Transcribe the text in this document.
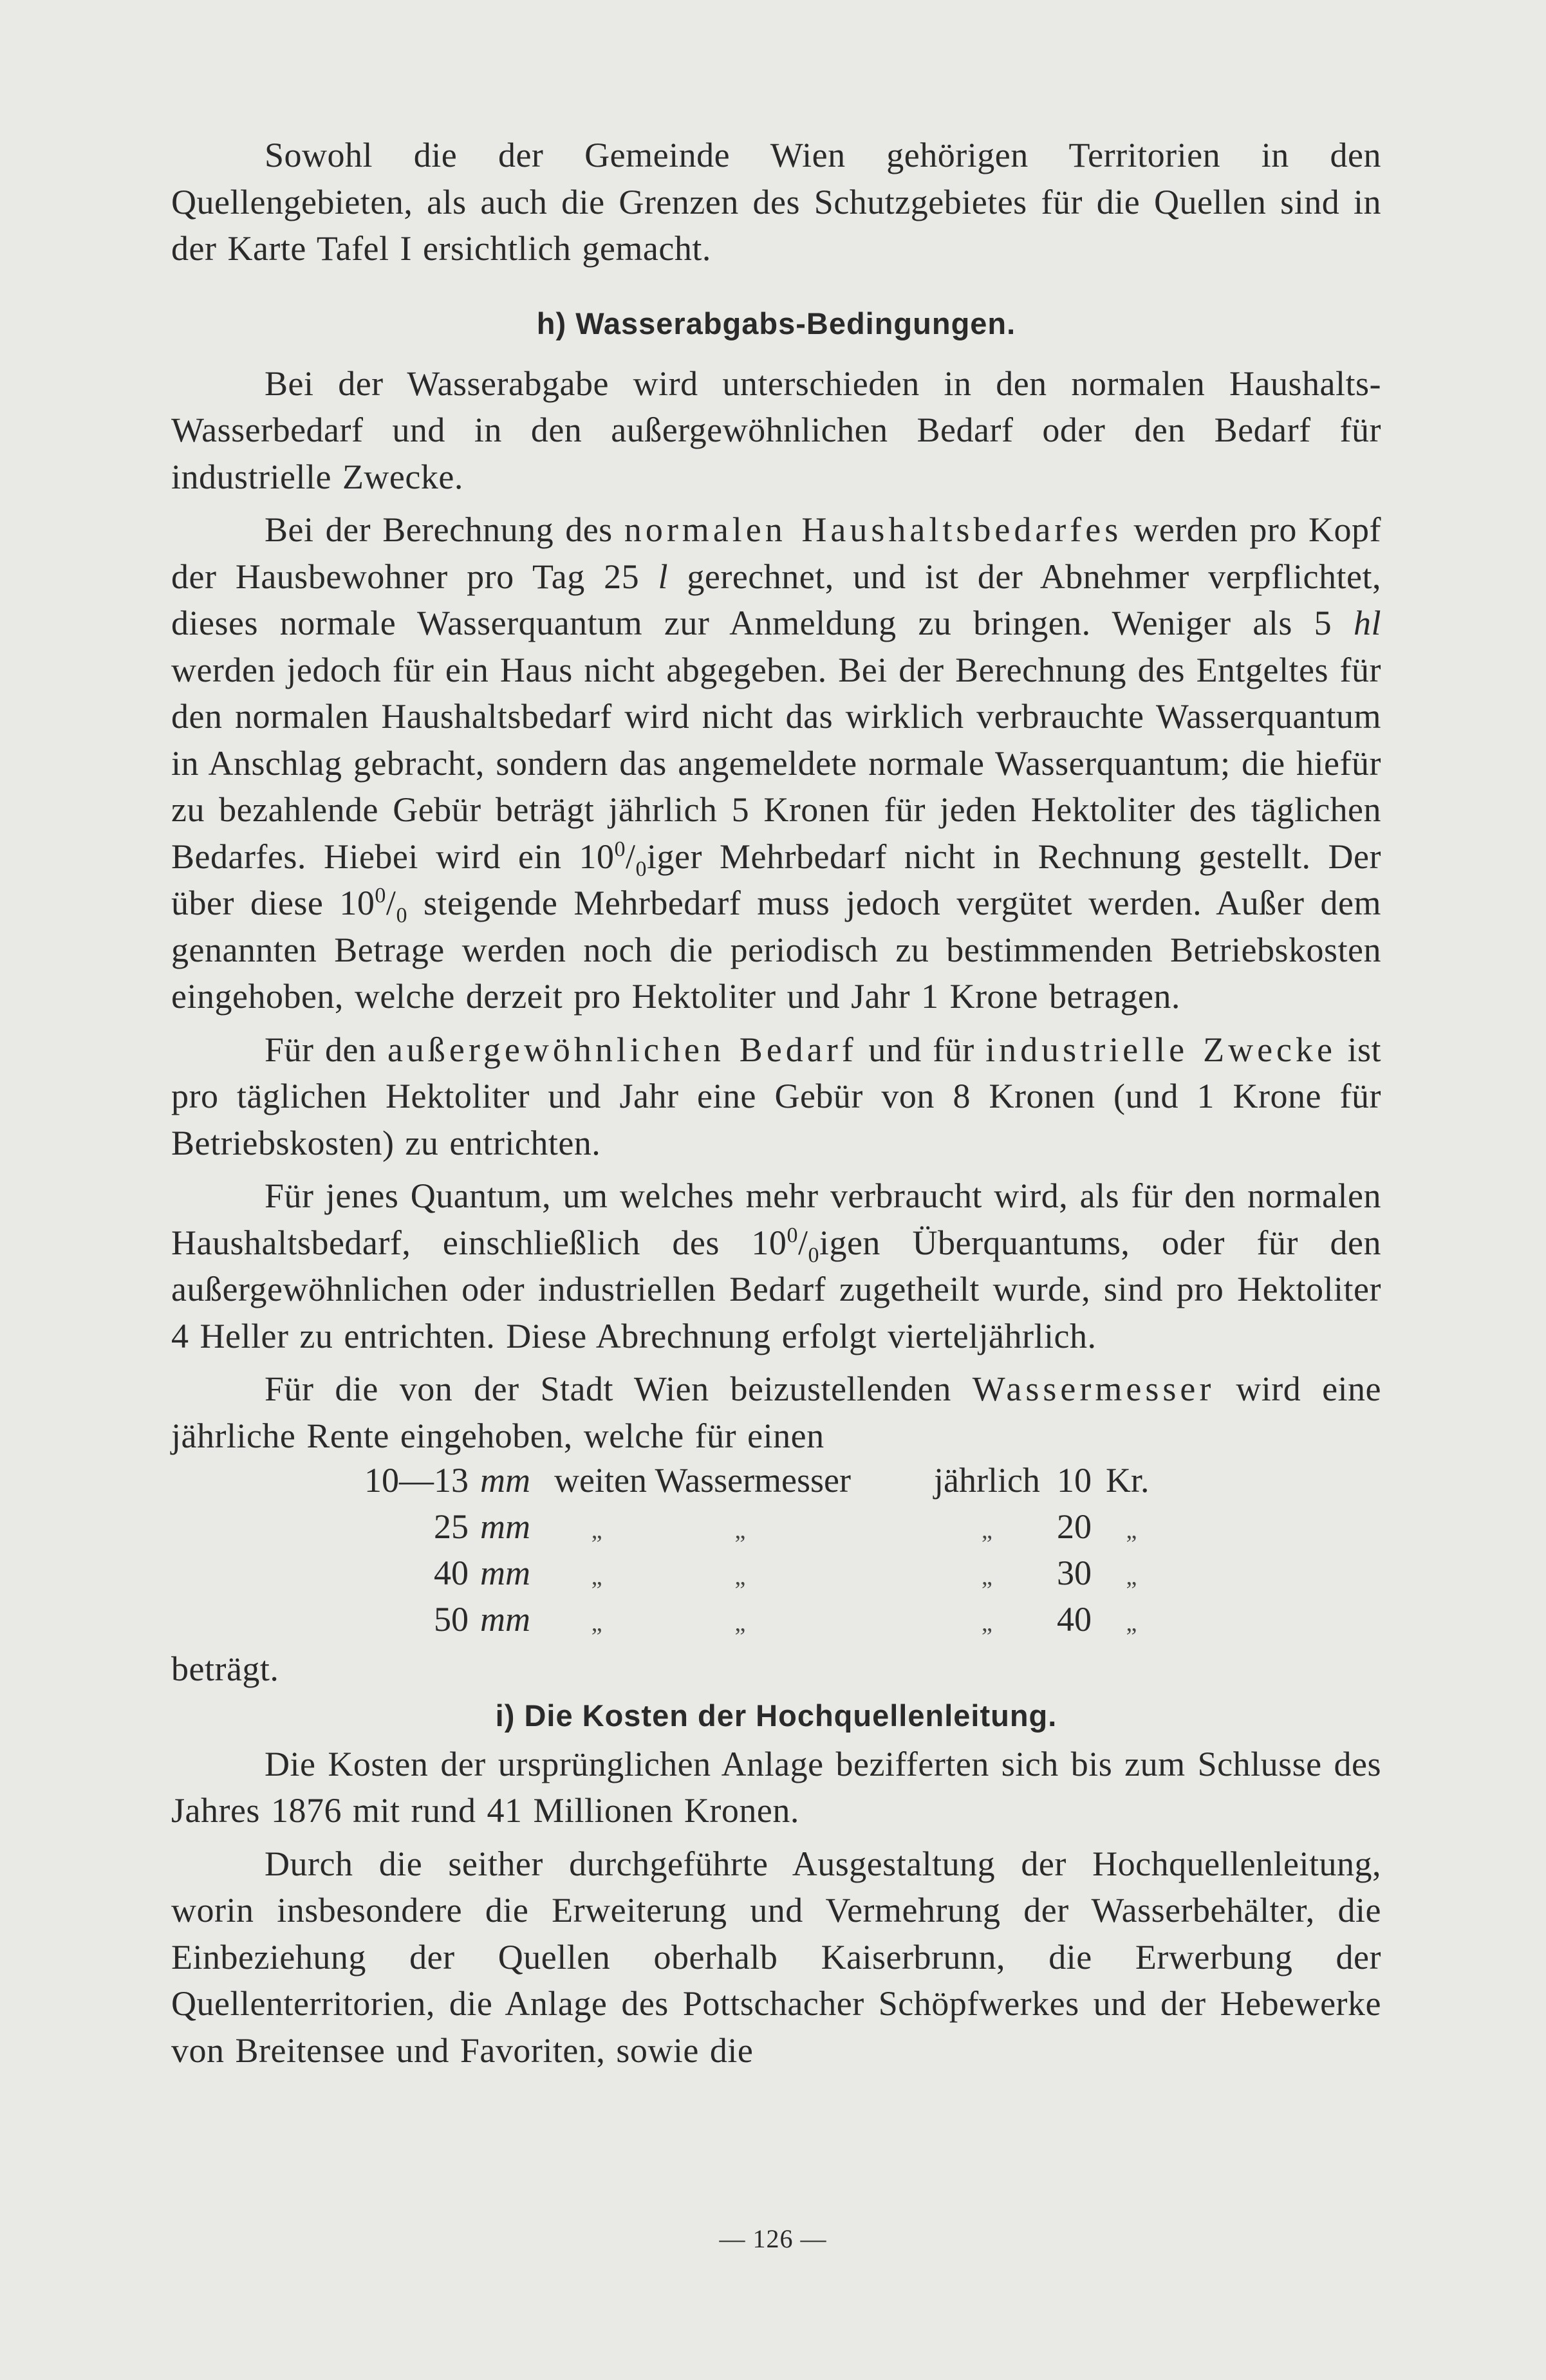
Sowohl die der Gemeinde Wien gehörigen Territorien in den Quellengebieten, als auch die Grenzen des Schutzgebietes für die Quellen sind in der Karte Tafel I ersichtlich gemacht.

h) Wasserabgabs-Bedingungen.

Bei der Wasserabgabe wird unterschieden in den normalen Haushalts-Wasserbedarf und in den außergewöhnlichen Bedarf oder den Bedarf für industrielle Zwecke.

Bei der Berechnung des normalen Haushaltsbedarfes werden pro Kopf der Hausbewohner pro Tag 25 l gerechnet, und ist der Abnehmer verpflichtet, dieses normale Wasserquantum zur Anmeldung zu bringen. Weniger als 5 hl werden jedoch für ein Haus nicht abgegeben. Bei der Berechnung des Entgeltes für den normalen Haushaltsbedarf wird nicht das wirklich verbrauchte Wasserquantum in Anschlag gebracht, sondern das angemeldete normale Wasserquantum; die hiefür zu bezahlende Gebür beträgt jährlich 5 Kronen für jeden Hektoliter des täglichen Bedarfes. Hiebei wird ein $10^0/_0iger$ Mehrbedarf nicht in Rechnung gestellt. Der über diese $10^0/_0$ steigende Mehrbedarf muss jedoch vergütet werden. Außer dem genannten Betrage werden noch die periodisch zu bestimmenden Betriebskosten eingehoben, welche derzeit pro Hektoliter und Jahr 1 Krone betragen.

Für den außergewöhnlichen Bedarf und für industrielle Zwecke ist pro täglichen Hektoliter und Jahr eine Gebür von 8 Kronen (und 1 Krone für Betriebskosten) zu entrichten.

Für jenes Quantum, um welches mehr verbraucht wird, als für den normalen Haushaltsbedarf, einschließlich des $10^0/_0igen$ Überquantums, oder für den außergewöhnlichen oder industriellen Bedarf zugetheilt wurde, sind pro Hektoliter 4 Heller zu entrichten. Diese Abrechnung erfolgt vierteljährlich.

Für die von der Stadt Wien beizustellenden Wassermesser wird eine jährliche Rente eingehoben, welche für einen

10—13	mm	weiten Wassermesser			jährlich	10	Kr.
25	mm	„	„		„	20	„
40	mm	„	„		„	30	„
50	mm	„	„		„	40	„

beträgt.

i) Die Kosten der Hochquellenleitung.

Die Kosten der ursprünglichen Anlage bezifferten sich bis zum Schlusse des Jahres 1876 mit rund 41 Millionen Kronen.

Durch die seither durchgeführte Ausgestaltung der Hochquellenleitung, worin insbesondere die Erweiterung und Vermehrung der Wasserbehälter, die Einbeziehung der Quellen oberhalb Kaiserbrunn, die Erwerbung der Quellenterritorien, die Anlage des Pottschacher Schöpfwerkes und der Hebewerke von Breitensee und Favoriten, sowie die

— 126 —
